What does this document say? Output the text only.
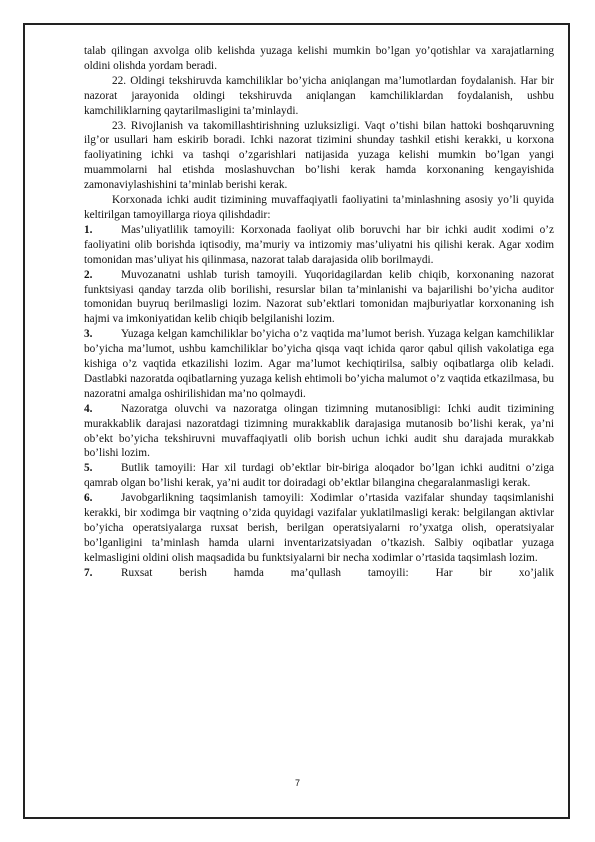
talab qilingan axvolga olib kelishda yuzaga kelishi mumkin bo’lgan yo’qotishlar va xarajatlarning oldini olishda yordam beradi.

22. Oldingi tekshiruvda kamchiliklar bo’yicha aniqlangan ma’lumotlardan foydalanish. Har bir nazorat jarayonida oldingi tekshiruvda aniqlangan kamchiliklardan foydalanish, ushbu kamchiliklarning qaytarilmasligini ta’minlaydi.

23. Rivojlanish va takomillashtirishning uzluksizligi. Vaqt o’tishi bilan hattoki boshqaruvning ilg’or usullari ham eskirib boradi. Ichki nazorat tizimini shunday tashkil etishi kerakki, u korxona faoliyatining ichki va tashqi o’zgarishlari natijasida yuzaga kelishi mumkin bo’lgan yangi muammolarni hal etishda moslashuvchan bo’lishi kerak hamda korxonaning kengayishida zamonaviylashishini ta’minlab berishi kerak.

Korxonada ichki audit tizimining muvaffaqiyatli faoliyatini ta’minlashning asosiy yo’li quyida keltirilgan tamoyillarga rioya qilishdadir:

1.	Mas’uliyatlilik tamoyili: Korxonada faoliyat olib boruvchi har bir ichki audit xodimi o’z faoliyatini olib borishda iqtisodiy, ma’muriy va intizomiy mas’uliyatni his qilishi kerak. Agar xodim tomonidan mas’uliyat his qilinmasa, nazorat talab darajasida olib borilmaydi.

2.	Muvozanatni ushlab turish tamoyili. Yuqoridagilardan kelib chiqib, korxonaning nazorat funktsiyasi qanday tarzda olib borilishi, resurslar bilan ta’minlanishi va bajarilishi bo’yicha auditor tomonidan buyruq berilmasligi lozim. Nazorat sub’ektlari tomonidan majburiyatlar korxonaning ish hajmi va imkoniyatidan kelib chiqib belgilanishi lozim.

3.	Yuzaga kelgan kamchiliklar bo’yicha o’z vaqtida ma’lumot berish. Yuzaga kelgan kamchiliklar bo’yicha ma’lumot, ushbu kamchiliklar bo’yicha qisqa vaqt ichida qaror qabul qilish vakolatiga ega kishiga o’z vaqtida etkazilishi lozim. Agar ma’lumot kechiqtirilsa, salbiy oqibatlarga olib keladi. Dastlabki nazoratda oqibatlarning yuzaga kelish ehtimoli bo’yicha malumot o’z vaqtida etkazilmasa, bu nazoratni amalga oshirilishidan ma’no qolmaydi.

4.	Nazoratga oluvchi va nazoratga olingan tizimning mutanosibligi: Ichki audit tizimining murakkablik darajasi nazoratdagi tizimning murakkablik darajasiga mutanosib bo’lishi kerak, ya’ni ob’ekt bo’yicha tekshiruvni muvaffaqiyatli olib borish uchun ichki audit shu darajada murakkab bo’lishi lozim.

5.	Butlik tamoyili: Har xil turdagi ob’ektlar bir-biriga aloqador bo’lgan ichki auditni o’ziga qamrab olgan bo’lishi kerak, ya’ni audit tor doiradagi ob’ektlar bilangina chegaralanmasligi kerak.

6.	Javobgarlikning taqsimlanish tamoyili: Xodimlar o’rtasida vazifalar shunday taqsimlanishi kerakki, bir xodimga bir vaqtning o’zida quyidagi vazifalar yuklatilmasligi kerak: belgilangan aktivlar bo’yicha operatsiyalarga ruxsat berish, berilgan operatsiyalarni ro’yxatga olish, operatsiyalar bo’lganligini ta’minlash hamda ularni inventarizatsiyadan o’tkazish. Salbiy oqibatlar yuzaga kelmasligini oldini olish maqsadida bu funktsiyalarni bir necha xodimlar o’rtasida taqsimlash lozim.

7.	Ruxsat berish hamda ma’qullash tamoyili: Har bir xo’jalik

7
